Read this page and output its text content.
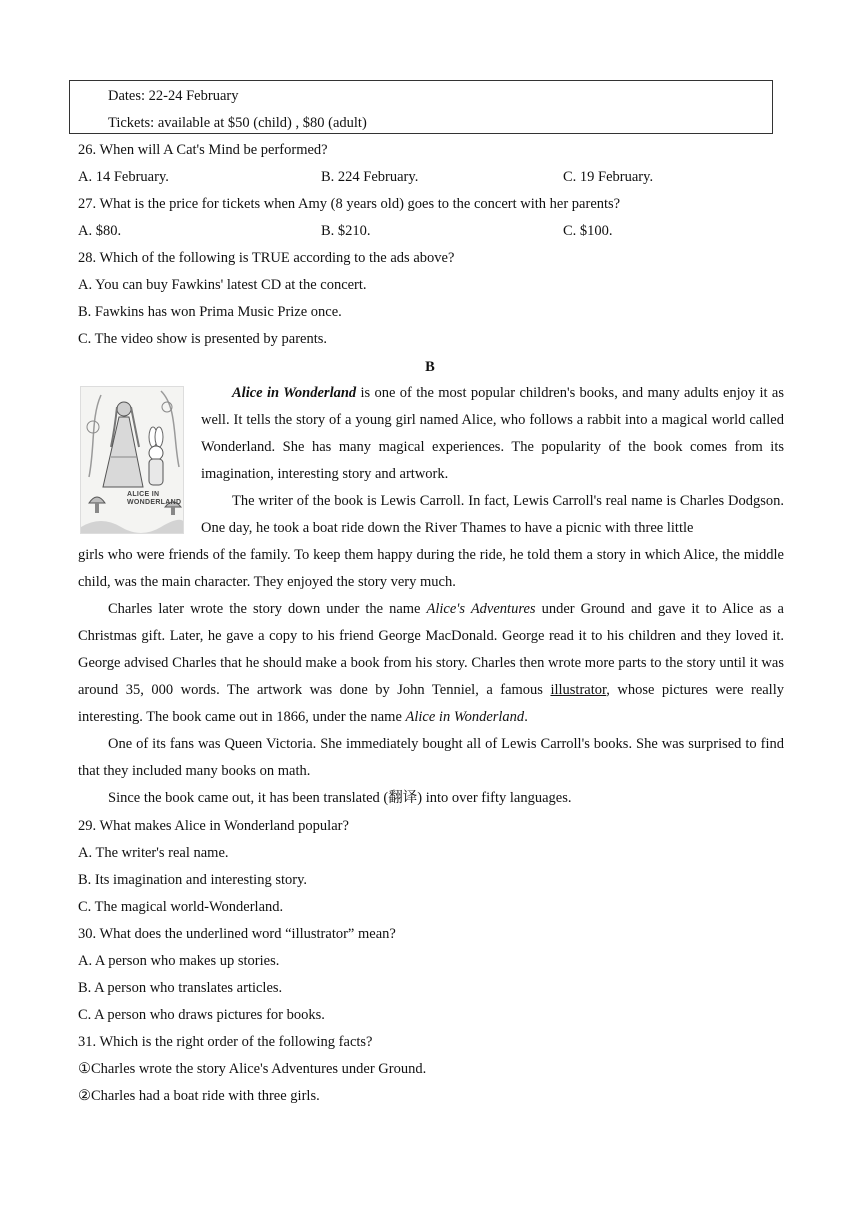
Dates: 22-24 February
Tickets: available at $50 (child) , $80 (adult)
26. When will A Cat's Mind be performed?
A. 14 February.	B. 224 February.	C. 19 February.
27. What is the price for tickets when Amy (8 years old) goes to the concert with her parents?
A. $80.	B. $210.	C. $100.
28. Which of the following is TRUE according to the ads above?
A. You can buy Fawkins' latest CD at the concert.
B. Fawkins has won Prima Music Prize once.
C. The video show is presented by parents.
B
ALICE IN WONDERLAND

Alice in Wonderland is one of the most popular children's books, and many adults enjoy it as well. It tells the story of a young girl named Alice, who follows a rabbit into a magical world called Wonderland. She has many magical experiences. The popularity of the book comes from its imagination, interesting story and artwork.

The writer of the book is Lewis Carroll. In fact, Lewis Carroll's real name is Charles Dodgson. One day, he took a boat ride down the River Thames to have a picnic with three little

girls who were friends of the family. To keep them happy during the ride, he told them a story in which Alice, the middle child, was the main character. They enjoyed the story very much.

Charles later wrote the story down under the name Alice's Adventures under Ground and gave it to Alice as a Christmas gift. Later, he gave a copy to his friend George MacDonald. George read it to his children and they loved it. George advised Charles that he should make a book from his story. Charles then wrote more parts to the story until it was around 35, 000 words. The artwork was done by John Tenniel, a famous illustrator, whose pictures were really interesting. The book came out in 1866, under the name Alice in Wonderland.

One of its fans was Queen Victoria. She immediately bought all of Lewis Carroll's books. She was surprised to find that they included many books on math.

Since the book came out, it has been translated (翻译) into over fifty languages.

29. What makes Alice in Wonderland popular?
A. The writer's real name.
B. Its imagination and interesting story.
C. The magical world-Wonderland.
30. What does the underlined word “illustrator” mean?
A. A person who makes up stories.
B. A person who translates articles.
C. A person who draws pictures for books.
31. Which is the right order of the following facts?
①Charles wrote the story Alice's Adventures under Ground.
②Charles had a boat ride with three girls.
